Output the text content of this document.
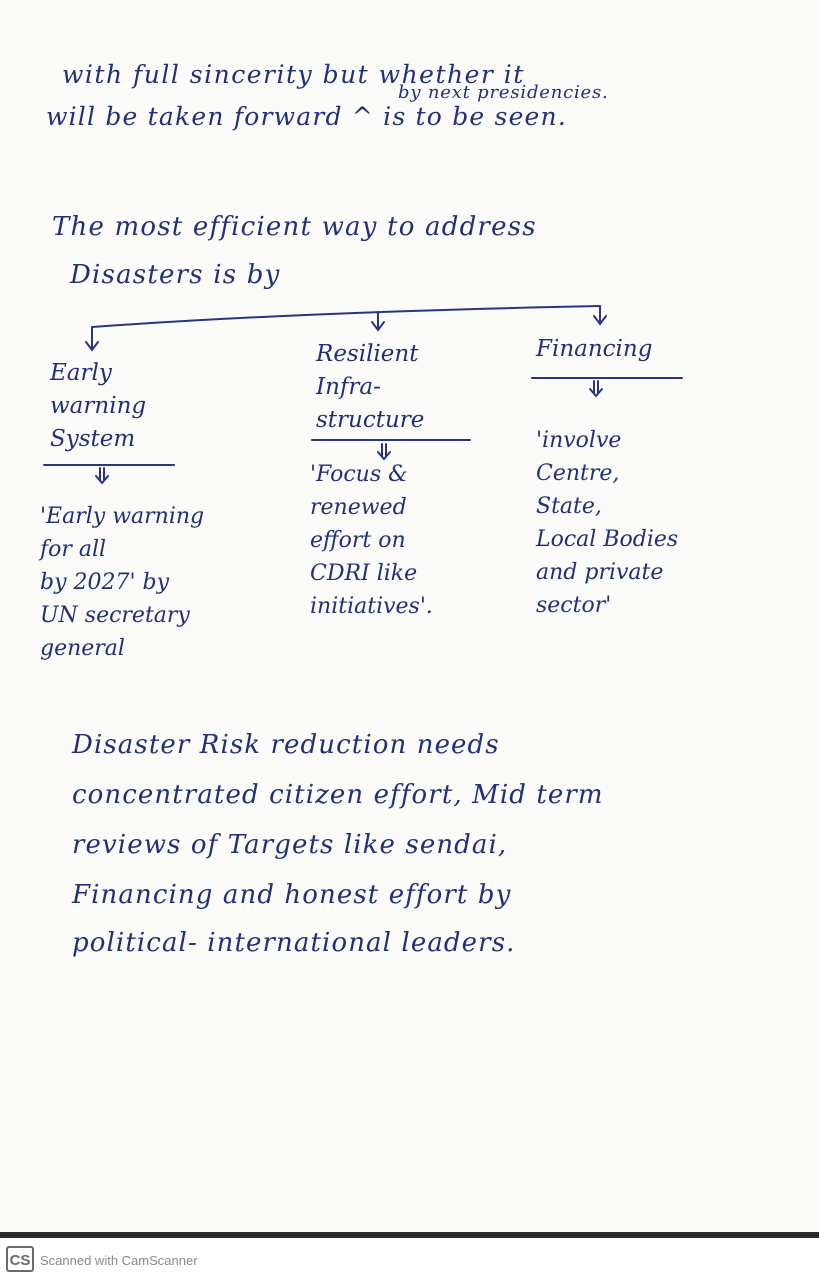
with full sincerity but whether it
by next presidencies.
will be taken forward ^ is to be seen.
The most efficient way to address
Disasters is by
Early
warning
System
'Early warning
for all
by 2027' by
UN secretary
general
Resilient
Infra-
structure
'Focus &
renewed
effort on
CDRI like
initiatives'.
Financing
'involve
Centre,
State,
Local Bodies
and private
sector'
Disaster Risk reduction needs
concentrated citizen effort, Mid term
reviews of Targets like sendai,
Financing and honest effort by
political- international leaders.
CS Scanned with CamScanner
